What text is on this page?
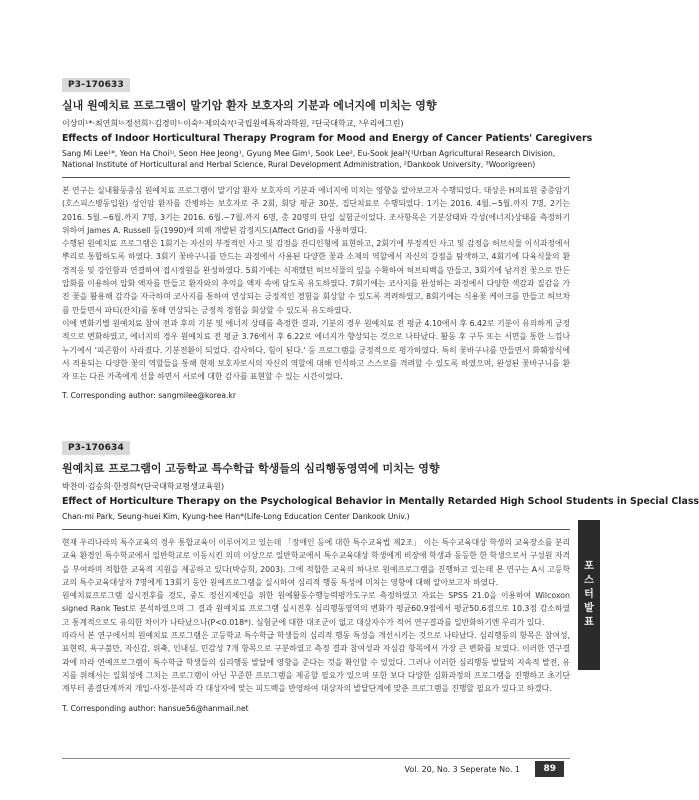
P3-170633
실내 원예치료 프로그램이 말기암 환자 보호자의 기분과 에너지에 미치는 영향
이상미¹*·최연희¹ʲ·정선희¹·김경미¹·이숙²·제의숙³(¹국립원예특작과학원, ²단국대학교, ³우리에그린)
Effects of Indoor Horticultural Therapy Program for Mood and Energy of Cancer Patients' Caregivers
Sang Mi Lee¹*, Yeon Ha Choi¹ʲ, Seon Hee Jeong¹, Gyung Mee Gim¹, Sook Lee², Eu-Sook Jeal³(¹Urban Agricultural Research Division, National Institute of Horticultural and Herbal Science, Rural Development Administration, ²Dankook University, ³Woorigreen)

본 연구는 실내활동중심 원예치료 프로그램이 말기암 환자 보호자의 기분과 에너지에 미치는 영향을 알아보고자 수행되었다. 대상은 H의료원 중증암기(호스피스병동입원) 성인암 환자를 간병하는 보호자로 주 2회, 회당 평균 30분, 집단치료로 수행되었다. 1기는 2016. 4월.~5월.까지 7명, 2기는 2016. 5월.~6월.까지 7명, 3기는 2016. 6월.~7월.까지 6명, 총 20명의 단일 실험군이었다. 조사항목은 기분상태와 각성(에너지)상태를 측정하기 위하여 James A. Russell 등(1990)에 의해 개발된 감정지도(Affect Grid)를 사용하였다.

수행된 원예치료 프로그램은 1회기는 자신의 부정적인 사고 및 감정을 잔디인형에 표현하고, 2회기에 부정적인 사고 및 감정을 허브식물 이식과정에서 뿌리로 통합하도록 하였다. 3회기 꽃바구니를 만드는 과정에서 사용된 다양한 꽃과 소재의 역할에서 자신의 강점을 탐색하고, 4회기에 다육식물의 환경적응 및 강인함과 연결하여 접시정원을 완성하였다. 5회기에는 식재했던 허브식물의 잎을 수확하여 허브티백을 만들고, 3회기에 남겨진 꽃으로 만든 압화를 이용하여 압화 액자를 만들고 환자와의 추억을 액자 속에 담도록 유도하였다. 7회기에는 코사지를 완성하는 과정에서 다양한 색감과 질감을 가진 꽃을 활용해 감각을 자극하며 코사지를 통하여 연상되는 긍정적인 경험을 회상할 수 있도록 격려하였고, 8회기에는 식용꽃 케이크를 만들고 허브차를 만들면서 파티(잔치)를 통해 연상되는 긍정적 경험을 회상할 수 있도록 유도하였다.

이에 변화기별 원예치료 참여 전과 후의 기분 및 에너지 상태를 측정한 결과, 기분의 경우 원예치료 전 평균 4.10에서 후 6.42로 기분이 유의하게 긍정적으로 변화하였고, 에너지의 경우 원예치료 전 평균 3.76에서 후 6.22로 에너지가 향상되는 것으로 나타났다. 활동 후 구두 또는 서면을 통한 느낌나누기에서 '피곤함이 사라졌다. 기분전환이 되었다. 감사하다, 힘이 된다.' 등 프로그램을 긍정적으로 평가하였다. 특히 꽃바구니를 만들면서 화훼장식에서 적용되는 다양한 꽃의 역할들을 통해 현재 보호자로서의 자신의 역할에 대해 인식하고 스스로를 격려할 수 있도록 하였으며, 완성된 꽃바구니를 환자 또는 다른 가족에게 선물 하면서 서로에 대한 감사를 표현할 수 있는 시간이었다.

T. Corresponding author: sangmilee@korea.kr
P3-170634
원예치료 프로그램이 고등학교 특수학급 학생들의 심리행동영역에 미치는 영향
박찬미·김승희·한경희*(단국대학교평생교육원)
Effect of Horticulture Therapy on the Psychological Behavior in Mentally Retarded High School Students in Special Class
Chan-mi Park, Seung-huei Kim, Kyung-hee Han*(Life-Long Education Center Dankook Univ.)

현재 우리나라의 특수교육의 경우 통합교육이 이루어지고 있는데 「장애인 등에 대한 특수교육법 제2조」 이는 특수교육대상 학생의 교육장소를 분리교육 환경인 특수학교에서 일반학교로 이동시킨 의미 이상으로 일반학교에서 특수교육대상 학생에게 비장애 학생과 동등한 한 학생으로서 구성원 자격을 부여하며 적합한 교육적 지원을 제공하고 있다(박승희, 2003). 그에 적합한 교육의 하나로 원예프로그램을 진행하고 있는데 본 연구는 A시 고등학교의 특수교육대상자 7명에게 13회기 동안 원예프로그램을 실시하여 심리적 행동 특성에 미치는 영향에 대해 알아보고자 하였다.

원예치료프로그램 실시전후를 경도, 중도 정신지체인을 위한 원예활동수행능력평가도구로 측정하였고 자료는 SPSS 21.0을 이용하여 Wilcoxon signed Rank Test로 분석하였으며 그 결과 원예치료 프로그램 실시전후 심리행동영역의 변화가 평균60.9점에서 평균50.6점으로 10.3점 감소하였고 통계적으로도 유의한 차이가 나타났으나(P<0.018*). 심험군에 대한 대조군이 없고 대상자수가 적어 연구결과를 일반화하기엔 무리가 있다.

따라서 본 연구에서의 원예치료 프로그램은 고등학교 특수학급 학생들의 심리적 행동 특성을 개선시키는 것으로 나타났다. 심리행동의 항목은 참여성, 표현력, 욕구불만, 자신감, 위축, 인내심, 민감성 7개 항목으로 구분하였고 측정 결과 참여성과 자심감 항목에서 가장 큰 변화를 보였다. 이러한 연구결과에 따라 연예프로그램이 특수학급 학생들의 심리행동 발달에 영향을 준다는 것을 확인할 수 있었다. 그러나 이러한 심리행동 발달의 지속적 발전, 유지를 위해서는 일회성에 그치는 프로그램이 아닌 꾸준한 프로그램을 제공할 필요가 있으며 또한 보다 다양한 심화과정의 프로그램을 진행하고 초기단계부터 종결단계까지 개입-사정-분석과 각 대상자에 맞는 피드백을 반영하여 대상자의 발달단계에 맞춘 프로그램을 진행할 필요가 있다고 하겠다.

T. Corresponding author: hansue56@hanmail.net
포
스
터
발
표
Vol. 20, No. 3 Seperate No. 1	89
